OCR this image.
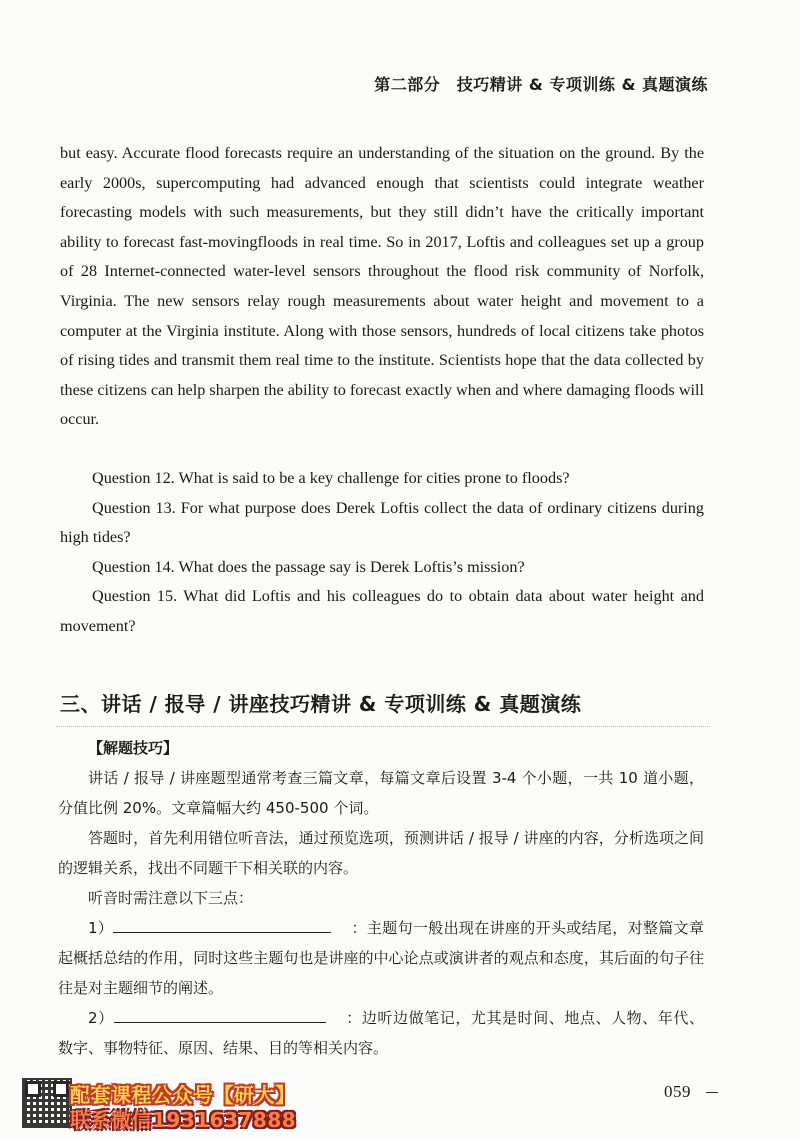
第二部分　技巧精讲 & 专项训练 & 真题演练
but easy. Accurate flood forecasts require an understanding of the situation on the ground. By the early 2000s, supercomputing had advanced enough that scientists could integrate weather forecasting models with such measurements, but they still didn’t have the critically important ability to forecast fast-movingfloods in real time. So in 2017, Loftis and colleagues set up a group of 28 Internet-connected water-level sensors throughout the flood risk community of Norfolk, Virginia. The new sensors relay rough measurements about water height and movement to a computer at the Virginia institute. Along with those sensors, hundreds of local citizens take photos of rising tides and transmit them real time to the institute. Scientists hope that the data collected by these citizens can help sharpen the ability to forecast exactly when and where damaging floods will occur.

Question 12. What is said to be a key challenge for cities prone to floods?

Question 13. For what purpose does Derek Loftis collect the data of ordinary citizens during high tides?

Question 14. What does the passage say is Derek Loftis’s mission?

Question 15. What did Loftis and his colleagues do to obtain data about water height and movement?

三、讲话 / 报导 / 讲座技巧精讲 & 专项训练 & 真题演练

【解题技巧】

讲话 / 报导 / 讲座题型通常考查三篇文章，每篇文章后设置 3-4 个小题，一共 10 道小题，分值比例 20%。文章篇幅大约 450-500 个词。

答题时，首先利用错位听音法，通过预览选项，预测讲话 / 报导 / 讲座的内容，分析选项之间的逻辑关系，找出不同题干下相关联的内容。

听音时需注意以下三点：

1）	：主题句一般出现在讲座的开头或结尾，对整篇文章起概括总结的作用，同时这些主题句也是讲座的中心论点或演讲者的观点和态度，其后面的句子往往是对主题细节的阐述。

2）	：边听边做笔记，尤其是时间、地点、人物、年代、数字、事物特征、原因、结果、目的等相关内容。

配套课程公众号【研大】
联系微信1931637888
059
